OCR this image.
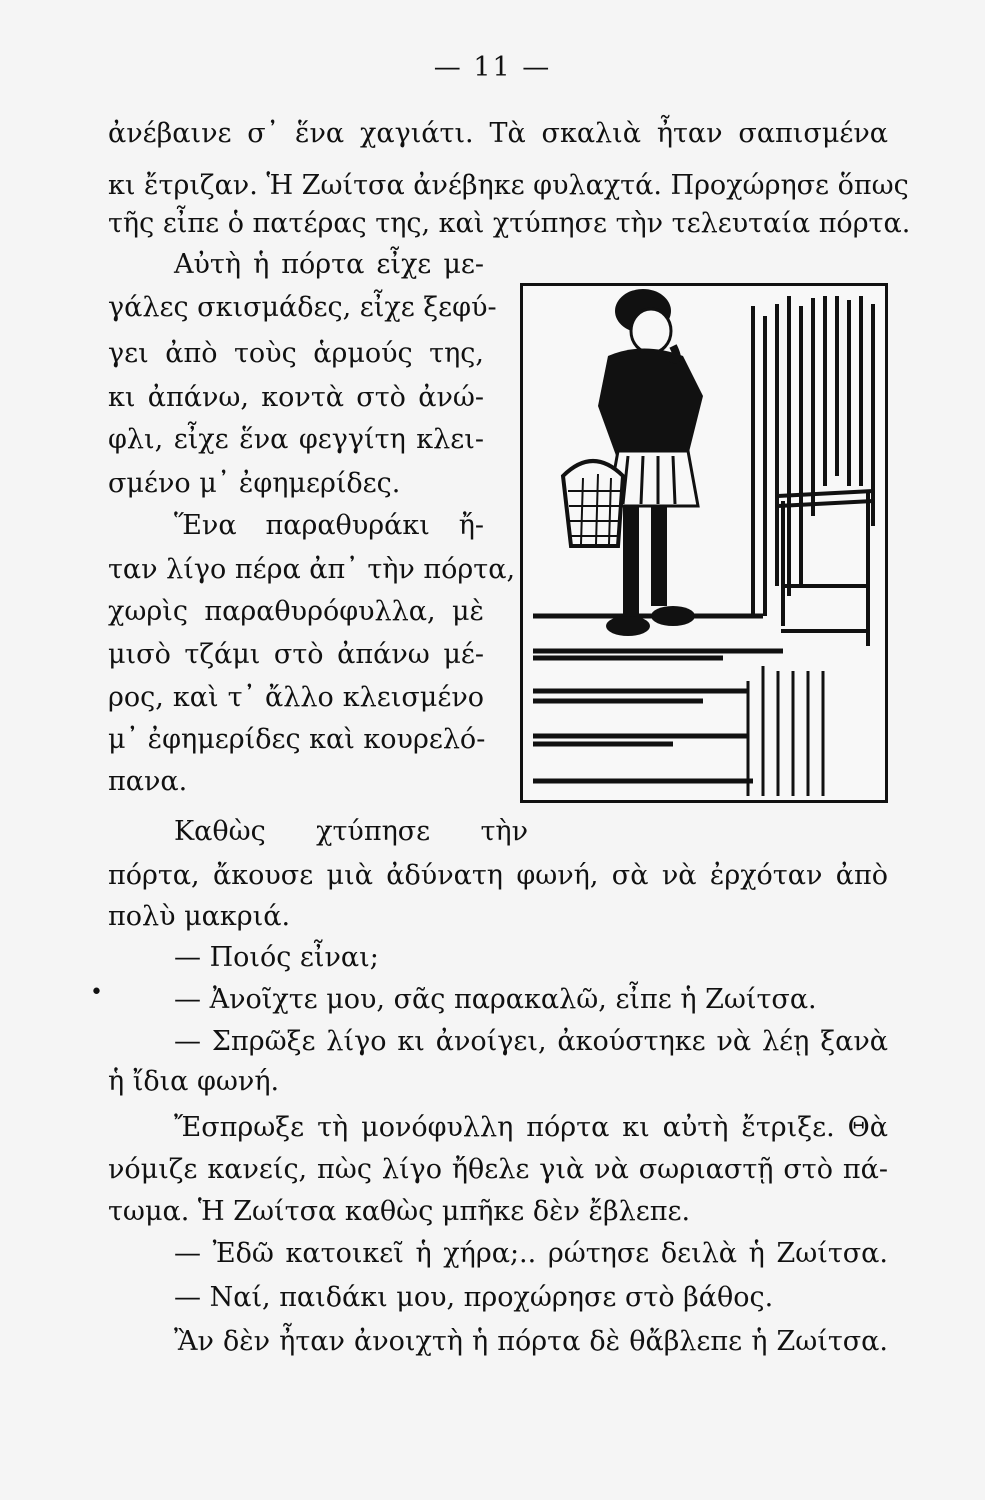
— 11 —
ἀνέβαινε σ᾿ ἕνα χαγιάτι. Τὰ σκαλιὰ ἦταν σαπισμένα
κι ἔτριζαν. Ἡ Ζωίτσα ἀνέβηκε φυλαχτά. Προχώρησε ὅπως
τῆς εἶπε ὁ πατέρας της, καὶ χτύπησε τὴν τελευταία πόρτα.
Αὐτὴ ἡ πόρτα εἶχε με-
γάλες σκισμάδες, εἶχε ξεφύ-
γει ἀπὸ τοὺς ἁρμούς της,
κι ἀπάνω, κοντὰ στὸ ἀνώ-
φλι, εἶχε ἕνα φεγγίτη κλει-
σμένο μ᾿ ἐφημερίδες.
Ἕνα παραθυράκι ἤ-
ταν λίγο πέρα ἀπ᾿ τὴν πόρτα,
χωρὶς παραθυρόφυλλα, μὲ
μισὸ τζάμι στὸ ἀπάνω μέ-
ρος, καὶ τ᾿ ἄλλο κλεισμένο
μ᾿ ἐφημερίδες καὶ κουρελό-
πανα.
Καθὼς χτύπησε τὴν
πόρτα, ἄκουσε μιὰ ἀδύνατη φωνή, σὰ νὰ ἐρχόταν ἀπὸ
πολὺ μακριά.
— Ποιός εἶναι;
•	— Ἀνοῖχτε μου, σᾶς παρακαλῶ, εἶπε ἡ Ζωίτσα.
— Σπρῶξε λίγο κι ἀνοίγει, ἀκούστηκε νὰ λέῃ ξανὰ
ἡ ἴδια φωνή.
Ἔσπρωξε τὴ μονόφυλλη πόρτα κι αὐτὴ ἔτριξε. Θὰ
νόμιζε κανείς, πὼς λίγο ἤθελε γιὰ νὰ σωριαστῇ στὸ πά-
τωμα. Ἡ Ζωίτσα καθὼς μπῆκε δὲν ἔβλεπε.
— Ἐδῶ κατοικεῖ ἡ χήρα;.. ρώτησε δειλὰ ἡ Ζωίτσα.
— Ναί, παιδάκι μου, προχώρησε στὸ βάθος.
Ἂν δὲν ἦταν ἀνοιχτὴ ἡ πόρτα δὲ θἄβλεπε ἡ Ζωίτσα.
